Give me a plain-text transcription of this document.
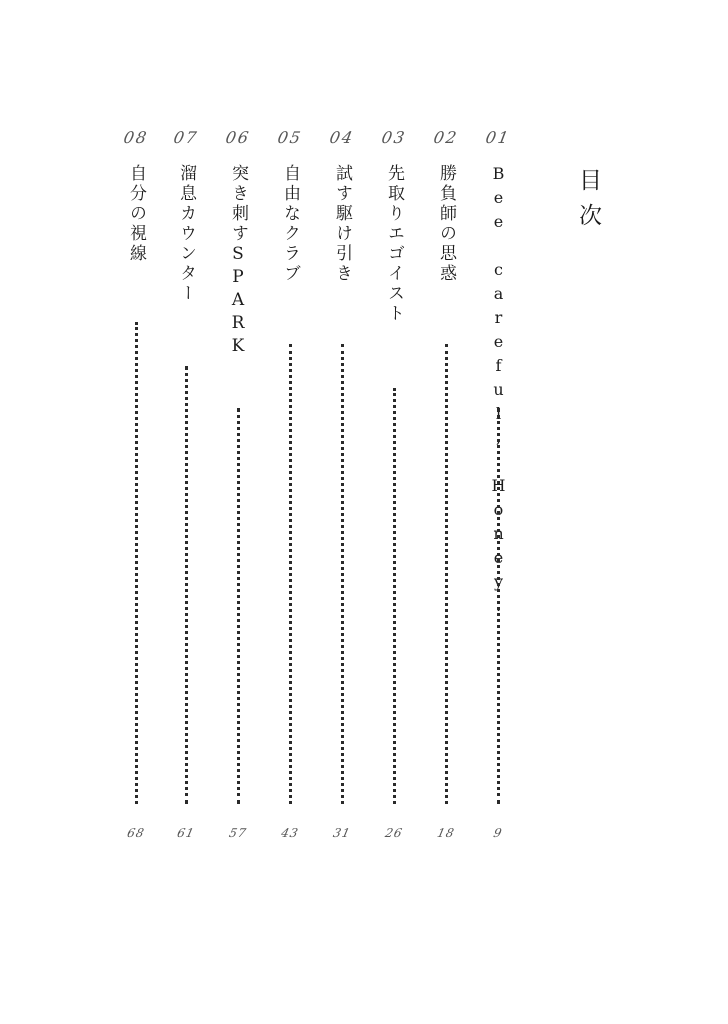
目次
01
Bee careful, Honey.
9
02
勝負師の思惑
18
03
先取りエゴイスト
26
04
試す駆け引き
31
05
自由なクラブ
43
06
突き刺すSPARK
57
07
溜息カウンター
61
08
自分の視線
68
